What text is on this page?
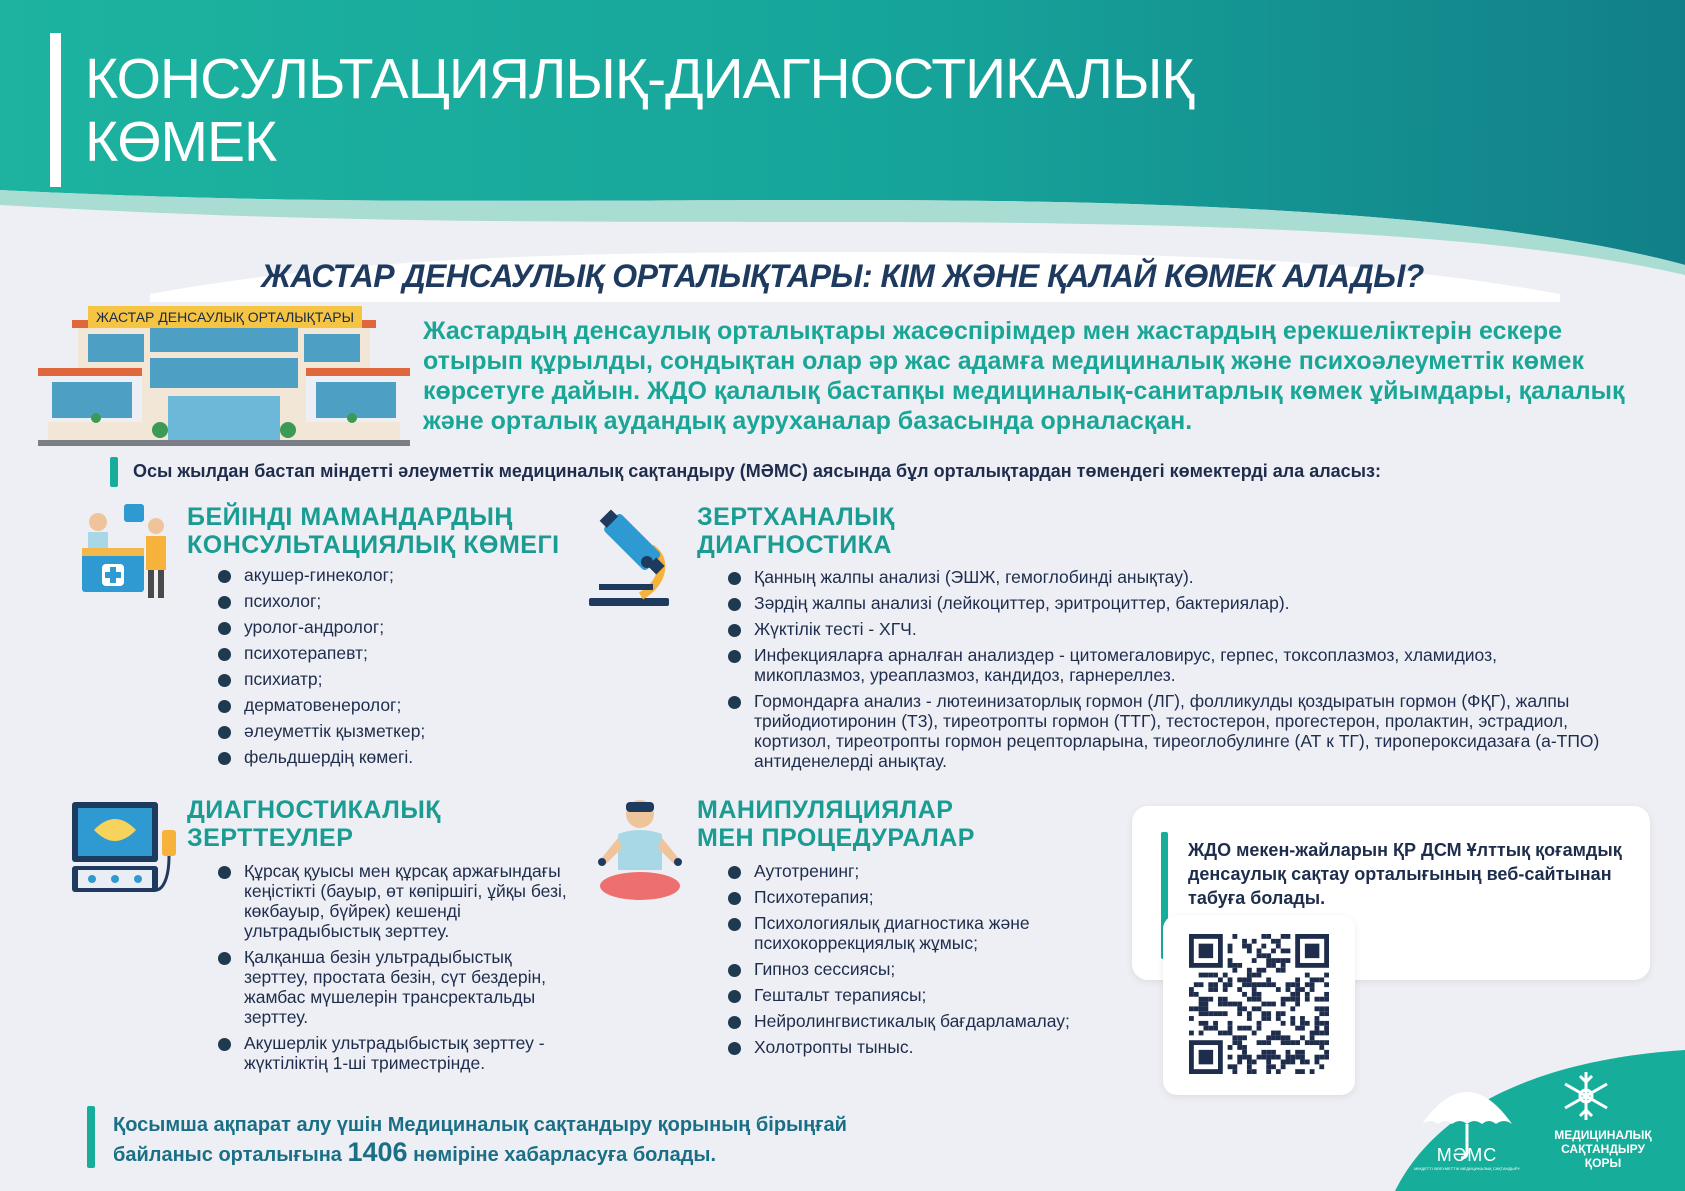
КОНСУЛЬТАЦИЯЛЫҚ-ДИАГНОСТИКАЛЫҚ
КӨМЕК
ЖАСТАР ДЕНСАУЛЫҚ ОРТАЛЫҚТАРЫ: КІМ ЖӘНЕ ҚАЛАЙ КӨМЕК АЛАДЫ?
ЖАСТАР ДЕНСАУЛЫҚ ОРТАЛЫҚТАРЫ	Жастардың денсаулық орталықтары жасөспірімдер мен жастардың ерекшеліктерін ескере отырып құрылды, сондықтан олар әр жас адамға медициналық және психоәлеуметтік көмек көрсетуге дайын. ЖДО қалалық бастапқы медициналық-санитарлық көмек ұйымдары, қалалық және орталық аудандық ауруханалар базасында орналасқан.
Осы жылдан бастап міндетті әлеуметтік медициналық сақтандыру (МӘМС) аясында бұл орталықтардан төмендегі көмектерді ала аласыз:
БЕЙІНДІ МАМАНДАРДЫҢ
КОНСУЛЬТАЦИЯЛЫҚ КӨМЕГІ
акушер-гинеколог;
психолог;
уролог-андролог;
психотерапевт;
психиатр;
дерматовенеролог;
әлеуметтік қызметкер;
фельдшердің көмегі.
ЗЕРТХАНАЛЫҚ
ДИАГНОСТИКА
Қанның жалпы анализі (ЭШЖ, гемоглобинді анықтау).
Зәрдің жалпы анализі (лейкоциттер, эритроциттер, бактериялар).
Жүктілік тесті - ХГЧ.
Инфекцияларға арналған анализдер - цитомегаловирус, герпес, токсоплазмоз, хламидиоз, микоплазмоз, уреаплазмоз, кандидоз, гарнереллез.
Гормондарға анализ - лютеинизаторлық гормон (ЛГ), фолликулды қоздыратын гормон (ФҚГ), жалпы трийодиотиронин (Т3), тиреотропты гормон (ТТГ), тестостерон, прогестерон, пролактин, эстрадиол, кортизол, тиреотропты гормон рецепторларына, тиреоглобулинге (АТ к ТГ), тиропероксидазаға (а-ТПО) антиденелерді анықтау.
ДИАГНОСТИКАЛЫҚ
ЗЕРТТЕУЛЕР
Құрсақ қуысы мен құрсақ аржағындағы кеңістікті (бауыр, өт көпіршігі, ұйқы безі, көкбауыр, бүйрек) кешенді ультрадыбыстық зерттеу.
Қалқанша безін ультрадыбыстық зерттеу, простата безін, сүт бездерін, жамбас мүшелерін трансректальды зерттеу.
Акушерлік ультрадыбыстық зерттеу - жүктіліктің 1-ші триместрінде.
МАНИПУЛЯЦИЯЛАР
МЕН ПРОЦЕДУРАЛАР
Аутотренинг;
Психотерапия;
Психологиялық диагностика және психокоррекциялық жұмыс;
Гипноз сессиясы;
Гештальт терапиясы;
Нейролингвистикалық бағдарламалау;
Холотропты тыныс.
ЖДО мекен-жайларын ҚР ДСМ Ұлттық қоғамдық денсаулық сақтау орталығының веб-сайтынан табуға болады.
Қосымша ақпарат алу үшін Медициналық сақтандыру қорының бірыңғай байланыс орталығына 1406 нөміріне хабарласуға болады.	МӘМС
МІНДЕТТІ ӘЛЕУМЕТТІК МЕДИЦИНАЛЫҚ САҚТАНДЫРУ
МЕДИЦИНАЛЫҚ
САҚТАНДЫРУ
ҚОРЫ
